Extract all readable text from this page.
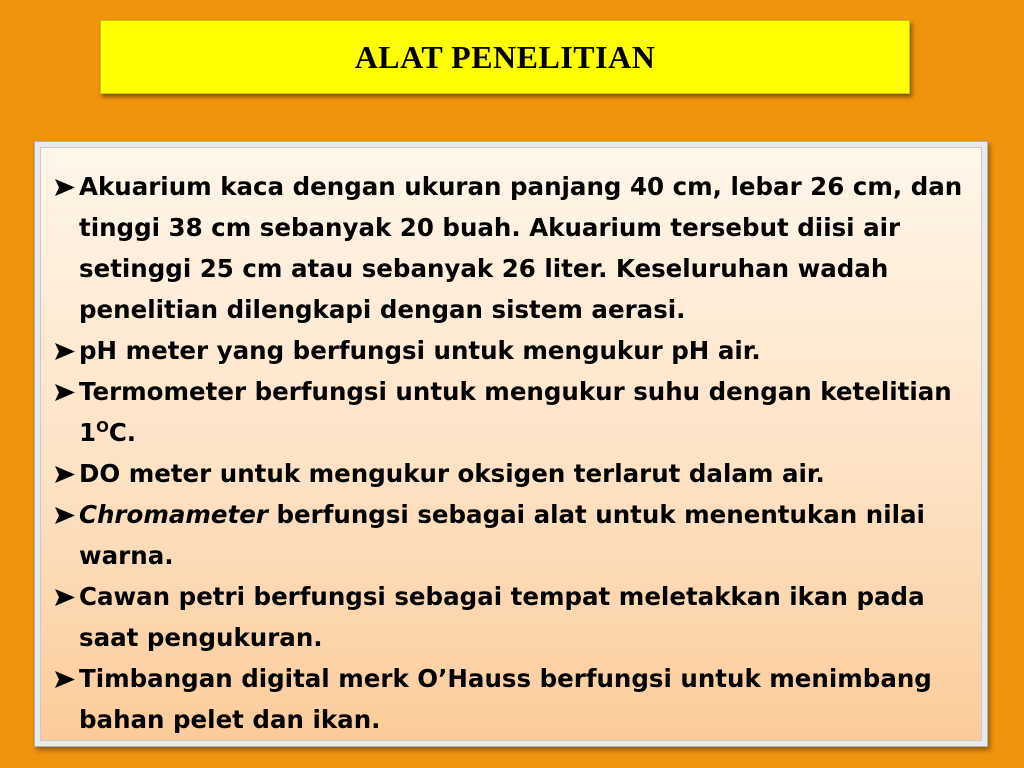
ALAT PENELITIAN
Akuarium kaca dengan ukuran panjang 40 cm, lebar 26 cm, dan tinggi 38 cm sebanyak 20 buah. Akuarium tersebut diisi air setinggi 25 cm atau sebanyak 26 liter. Keseluruhan wadah penelitian dilengkapi dengan sistem aerasi.
pH meter yang berfungsi untuk mengukur pH air.
Termometer berfungsi untuk mengukur suhu dengan ketelitian $1^OC$.
DO meter untuk mengukur oksigen terlarut dalam air.
Chromameter berfungsi sebagai alat untuk menentukan nilai warna.
Cawan petri berfungsi sebagai tempat meletakkan ikan pada saat pengukuran.
Timbangan digital merk O’Hauss berfungsi untuk menimbang bahan pelet dan ikan.
